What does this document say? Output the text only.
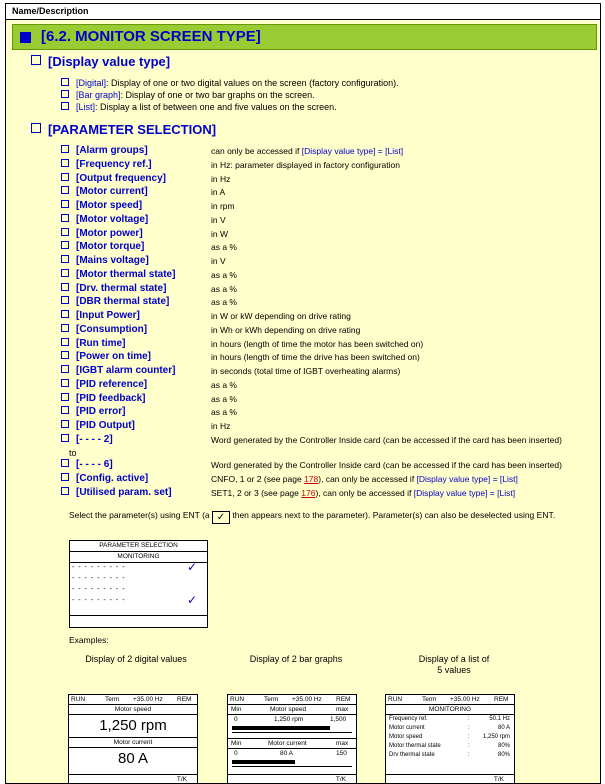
Name/Description
[6.2. MONITOR SCREEN TYPE]
[Display value type]
[Digital]: Display of one or two digital values on the screen (factory configuration).
[Bar graph]: Display of one or two bar graphs on the screen.
[List]: Display a list of between one and five values on the screen.
[PARAMETER SELECTION]
[Alarm groups]	can only be accessed if [Display value type] = [List]
[Frequency ref.]	in Hz: parameter displayed in factory configuration
[Output frequency]	in Hz
[Motor current]	in A
[Motor speed]	in rpm
[Motor voltage]	in V
[Motor power]	in W
[Motor torque]	as a %
[Mains voltage]	in V
[Motor thermal state]	as a %
[Drv. thermal state]	as a %
[DBR thermal state]	as a %
[Input Power]	in W or kW depending on drive rating
[Consumption]	in Wh or kWh depending on drive rating
[Run time]	in hours (length of time the motor has been switched on)
[Power on time]	in hours (length of time the drive has been switched on)
[IGBT alarm counter]	in seconds (total time of IGBT overheating alarms)
[PID reference]	as a %
[PID feedback]	as a %
[PID error]	as a %
[PID Output]	in Hz
[- - - - 2]	Word generated by the Controller Inside card (can be accessed if the card has been inserted)
to
[- - - - 6]	Word generated by the Controller Inside card (can be accessed if the card has been inserted)
[Config. active]	CNFO, 1 or 2 (see page 178), can only be accessed if [Display value type] = [List]
[Utilised param. set]	SET1, 2 or 3 (see page 176), can only be accessed if [Display value type] = [List]
Select the parameter(s) using ENT (a ✓ then appears next to the parameter). Parameter(s) can also be deselected using ENT.
PARAMETER SELECTION
MONITORING
- - - - - - - - -	✓
- - - - - - - - -
- - - - - - - - -
- - - - - - - - -	✓
Examples:
Display of 2 digital values	Display of 2 bar graphs	Display of a list of
5 values
RUN	Term +35.00 Hz REM
Motor speed
1,250 rpm
Motor current
80 A
T/K
RUN	Term +35.00 Hz REM
Min	Motor speed	max
0	1,250 rpm	1,500
Min	Motor current	max
0	80 A	150
T/K
RUN	Term +35.00 Hz REM
MONITORING
Frequency ref.	:	50.1 Hz
Motor current	:	80 A
Motor speed	: 1,250 rpm
Motor thermal state	:	80%
Drv thermal state	:	80%
T/K
